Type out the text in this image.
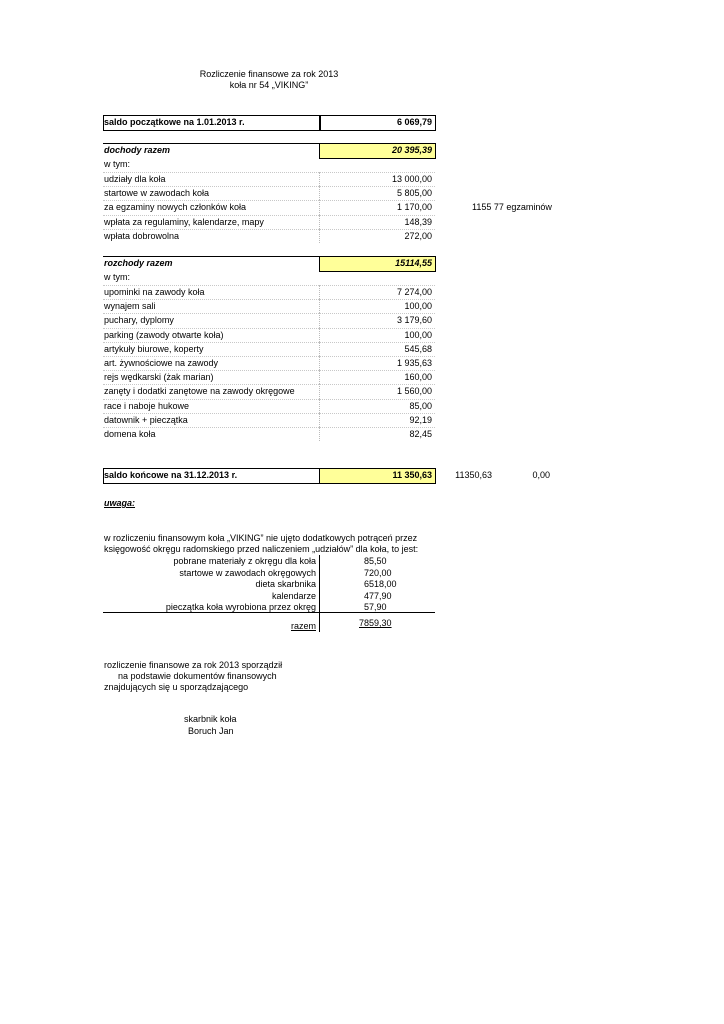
Rozliczenie finansowe za rok 2013
koła nr 54 „VIKING”
saldo początkowe na 1.01.2013 r.	6 069,79
dochody razem	20 395,39
w tym:
udziały dla koła	13 000,00
startowe w zawodach koła	5 805,00
za egzaminy nowych członków koła	1 170,00	1155 77 egzaminów
wpłata za regulaminy, kalendarze, mapy	148,39
wpłata dobrowolna	272,00
rozchody razem	15114,55
w tym:
upominki na zawody koła	7 274,00
wynajem sali	100,00
puchary, dyplomy	3 179,60
parking (zawody otwarte koła)	100,00
artykuły biurowe, koperty	545,68
art. żywnościowe na zawody	1 935,63
rejs wędkarski (żak marian)	160,00
zanęty i dodatki zanętowe na zawody okręgowe	1 560,00
race i naboje hukowe	85,00
datownik + pieczątka	92,19
domena koła	82,45
saldo końcowe na 31.12.2013 r.	11 350,63	11350,63	0,00
uwaga:
w rozliczeniu finansowym koła „VIKING” nie ujęto dodatkowych potrąceń przez
księgowość okręgu radomskiego przed naliczeniem „udziałów” dla koła, to jest:
pobrane materiały z okręgu dla koła	85,50
startowe w zawodach okręgowych	720,00
dieta skarbnika	6518,00
kalendarze	477,90
pieczątka koła wyrobiona przez okręg	57,90
razem	7859,30
rozliczenie finansowe za rok 2013 sporządził
na podstawie dokumentów finansowych
znajdujących się u sporządzającego
skarbnik koła
Boruch Jan
